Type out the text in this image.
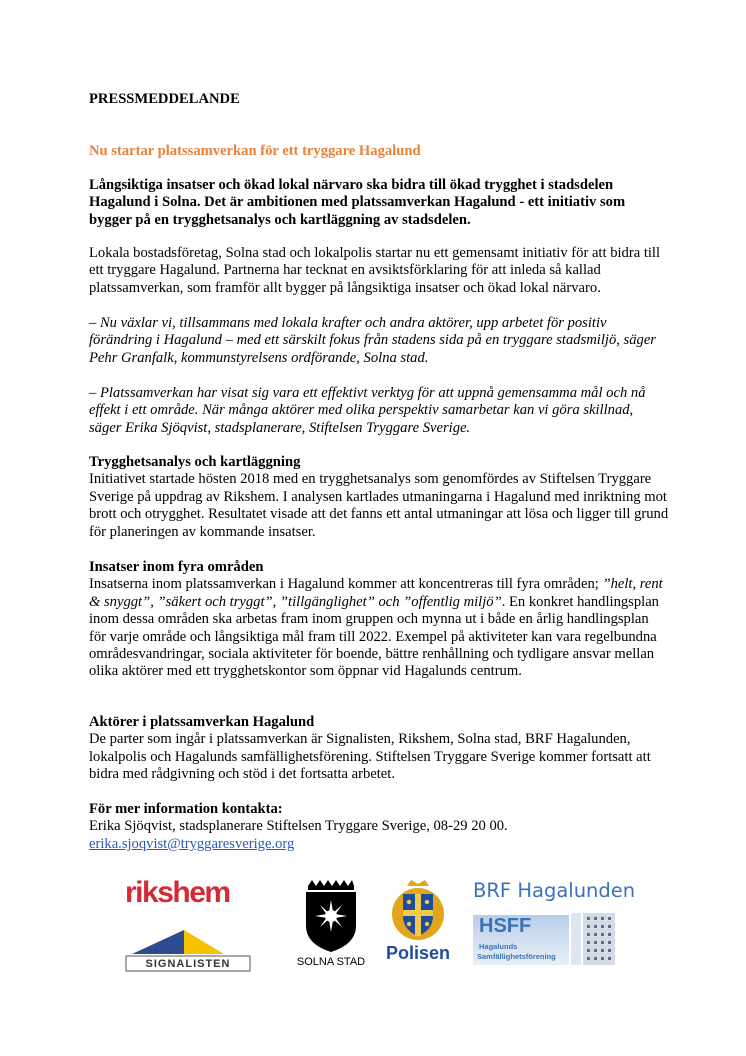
PRESSMEDDELANDE

Nu startar platssamverkan för ett tryggare Hagalund

Långsiktiga insatser och ökad lokal närvaro ska bidra till ökad trygghet i stadsdelen Hagalund i Solna. Det är ambitionen med platssamverkan Hagalund - ett initiativ som bygger på en trygghetsanalys och kartläggning av stadsdelen.

Lokala bostadsföretag, Solna stad och lokalpolis startar nu ett gemensamt initiativ för att bidra till ett tryggare Hagalund. Partnerna har tecknat en avsiktsförklaring för att inleda så kallad platssamverkan, som framför allt bygger på långsiktiga insatser och ökad lokal närvaro.

– Nu växlar vi, tillsammans med lokala krafter och andra aktörer, upp arbetet för positiv förändring i Hagalund – med ett särskilt fokus från stadens sida på en tryggare stadsmiljö, säger Pehr Granfalk, kommunstyrelsens ordförande, Solna stad.

– Platssamverkan har visat sig vara ett effektivt verktyg för att uppnå gemensamma mål och nå effekt i ett område. När många aktörer med olika perspektiv samarbetar kan vi göra skillnad, säger Erika Sjöqvist, stadsplanerare, Stiftelsen Tryggare Sverige.

Trygghetsanalys och kartläggning
Initiativet startade hösten 2018 med en trygghetsanalys som genomfördes av Stiftelsen Tryggare Sverige på uppdrag av Rikshem. I analysen kartlades utmaningarna i Hagalund med inriktning mot brott och otrygghet. Resultatet visade att det fanns ett antal utmaningar att lösa och ligger till grund för planeringen av kommande insatser.
Insatser inom fyra områden
Insatserna inom platssamverkan i Hagalund kommer att koncentreras till fyra områden; ”helt, rent & snyggt”, ”säkert och tryggt”, ”tillgänglighet” och ”offentlig miljö”. En konkret handlingsplan inom dessa områden ska arbetas fram inom gruppen och mynna ut i både en årlig handlingsplan för varje område och långsiktiga mål fram till 2022. Exempel på aktiviteter kan vara regelbundna områdesvandringar, sociala aktiviteter för boende, bättre renhållning och tydligare ansvar mellan olika aktörer med ett trygghetskontor som öppnar vid Hagalunds centrum.
Aktörer i platssamverkan Hagalund
De parter som ingår i platssamverkan är Signalisten, Rikshem, Solna stad, BRF Hagalunden, lokalpolis och Hagalunds samfällighetsförening. Stiftelsen Tryggare Sverige kommer fortsatt att bidra med rådgivning och stöd i det fortsatta arbetet.
För mer information kontakta:
Erika Sjöqvist, stadsplanerare Stiftelsen Tryggare Sverige, 08-29 20 00.
erika.sjoqvist@tryggaresverige.org
rikshem
SIGNALISTEN	SOLNA STAD	Polisen
BRF Hagalunden
HSFF
Hagalunds
Samfällighetsförening
